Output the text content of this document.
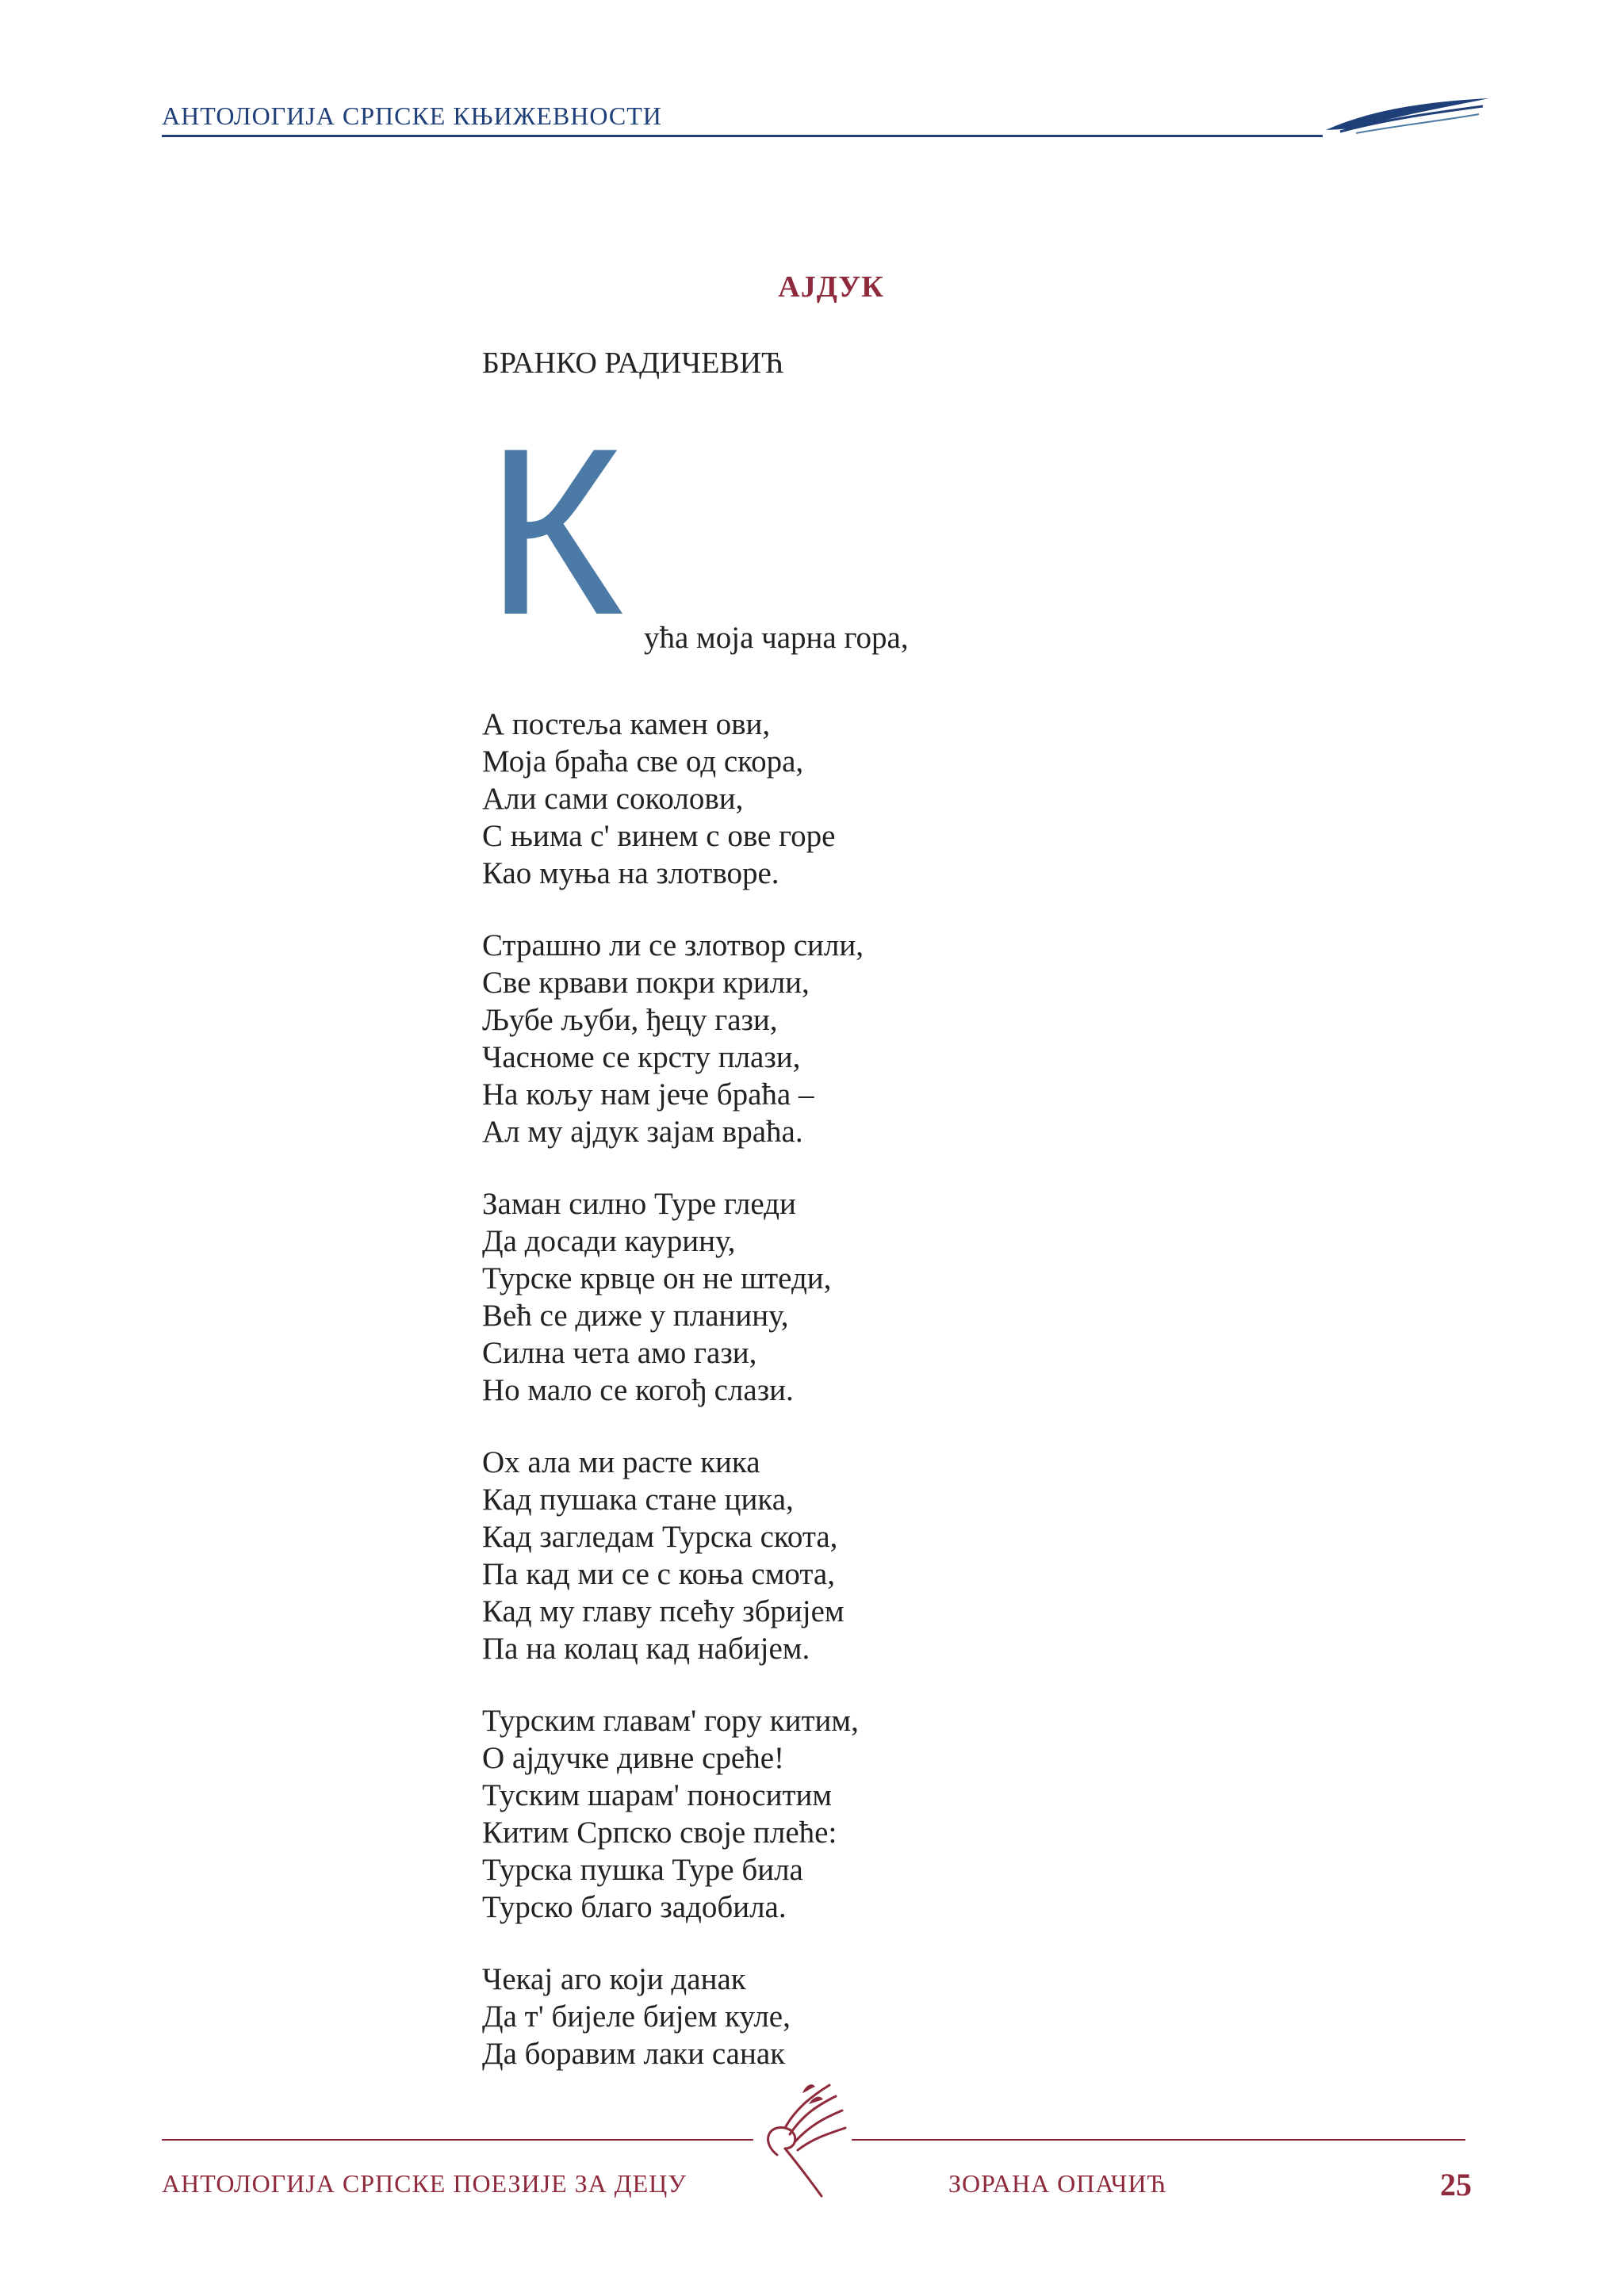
АНТОЛОГИЈА СРПСКЕ КЊИЖЕВНОСТИ
АЈДУК
БРАНКО РАДИЧЕВИЋ
К ућа моја чарна гора,
А постеља камен ови,
Моја браћа све од скора,
Али сами соколови,
С њима с' винем с ове горе
Као муња на злотворе.
Страшно ли се злотвор сили,
Све крвави покри крили,
Љубе љуби, ђецу гази,
Часноме се крсту плази,
На кољу нам јече браћа –
Ал му ајдук зајам враћа.
Заман силно Туре гледи
Да досади каурину,
Турске крвце он не штеди,
Већ се диже у планину,
Силна чета амо гази,
Но мало се когођ слази.
Ох ала ми расте кика
Кад пушака стане цика,
Кад загледам Турска скота,
Па кад ми се с коња смота,
Кад му главу псећу збријем
Па на колац кад набијем.
Турским главам' гору китим,
О ајдучке дивне среће!
Туским шарам' поноситим
Китим Српско своје плеће:
Турска пушка Туре била
Турско благо задобила.
Чекај аго који данак
Да т' бијеле бијем куле,
Да боравим лаки санак
АНТОЛОГИЈА СРПСКЕ ПОЕЗИЈЕ ЗА ДЕЦУ	ЗОРАНА ОПАЧИЋ	25
